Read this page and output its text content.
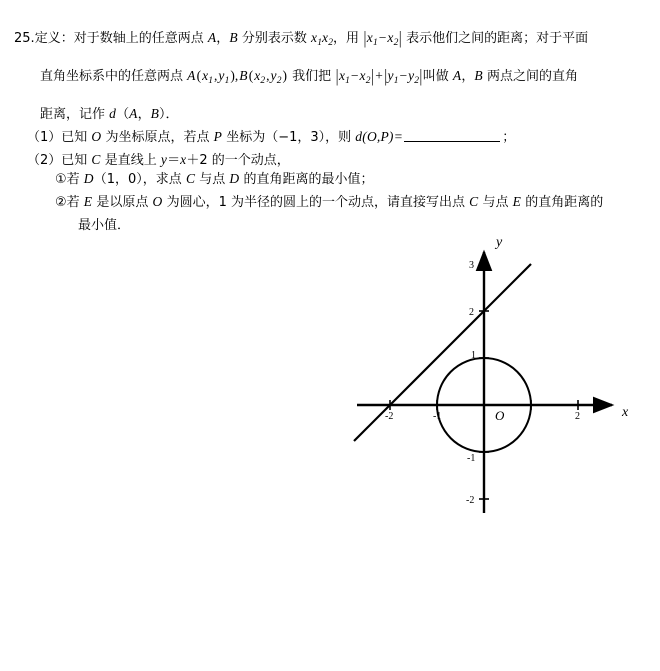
25.定义：对于数轴上的任意两点 A，B 分别表示数 $x_1x_2$，用 $|x_1-x_2|$ 表示他们之间的距离；对于平面
直角坐标系中的任意两点 $A(x_1,y_1),B(x_2,y_2)$ 我们把 $|x_1-x_2| + |y_1-y_2|$叫做 A，B 两点之间的直角
距离，记作 d（A，B）．
（1）已知 O 为坐标原点，若点 P 坐标为（−1，3），则 d(O,P)=	；
（2）已知 C 是直线上 y＝x＋2 的一个动点，
①若 D（1，0），求点 C 与点 D 的直角距离的最小值；
②若 E 是以原点 O 为圆心，1 为半径的圆上的一个动点，请直接写出点 C 与点 E 的直角距离的
最小值．
x
y
-2	-1	2
3
2
1
-1
-2
O
